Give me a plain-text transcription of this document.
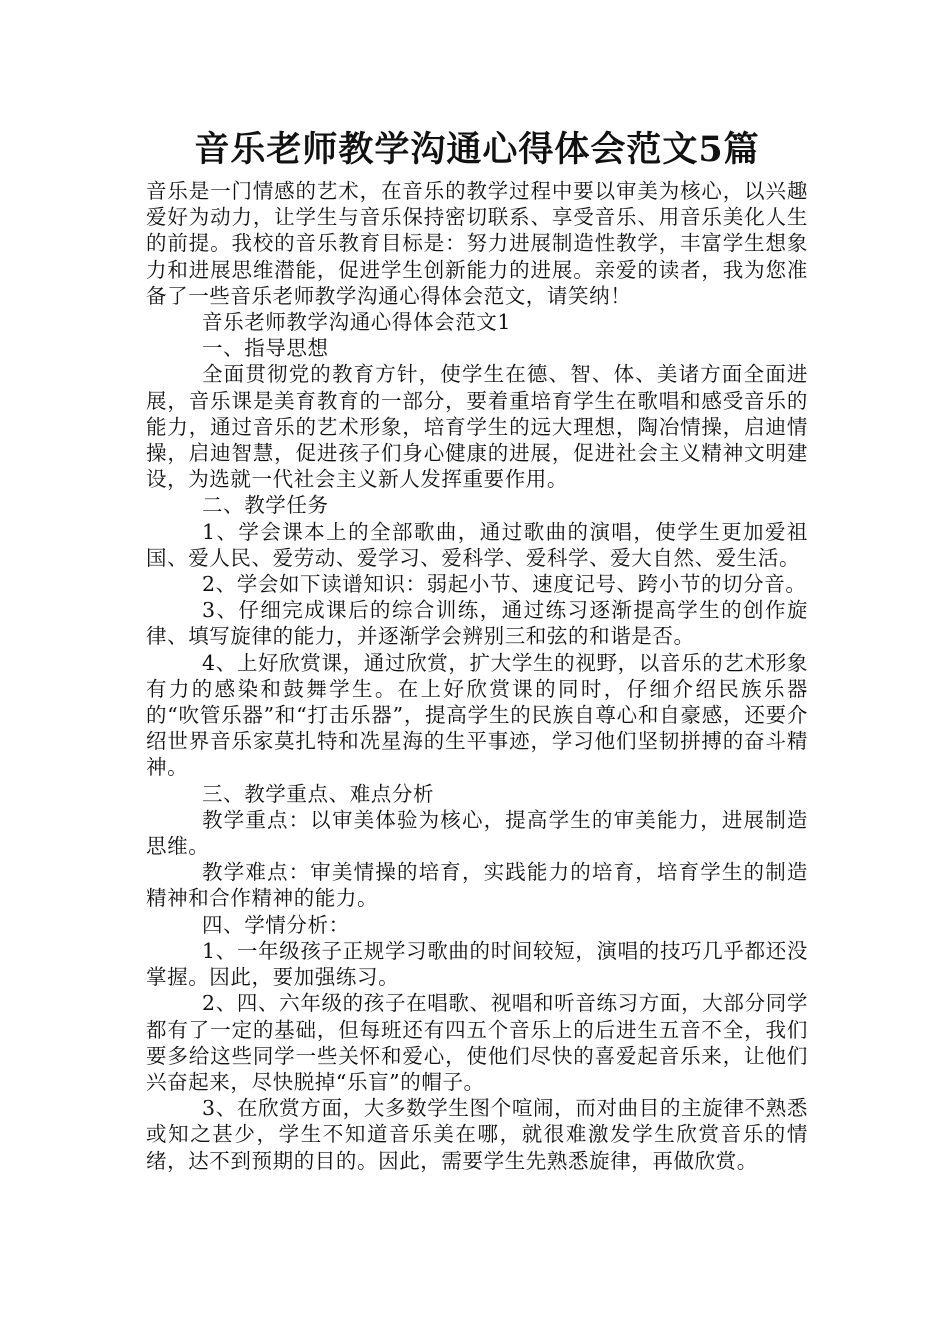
音乐老师教学沟通心得体会范文5篇

音乐是一门情感的艺术，在音乐的教学过程中要以审美为核心，以兴趣爱好为动力，让学生与音乐保持密切联系、享受音乐、用音乐美化人生的前提。我校的音乐教育目标是：努力进展制造性教学，丰富学生想象力和进展思维潜能，促进学生创新能力的进展。亲爱的读者，我为您准备了一些音乐老师教学沟通心得体会范文，请笑纳！

音乐老师教学沟通心得体会范文1

一、指导思想

全面贯彻党的教育方针，使学生在德、智、体、美诸方面全面进展，音乐课是美育教育的一部分，要着重培育学生在歌唱和感受音乐的能力，通过音乐的艺术形象，培育学生的远大理想，陶冶情操，启迪情操，启迪智慧，促进孩子们身心健康的进展，促进社会主义精神文明建设，为选就一代社会主义新人发挥重要作用。

二、教学任务

1、学会课本上的全部歌曲，通过歌曲的演唱，使学生更加爱祖国、爱人民、爱劳动、爱学习、爱科学、爱科学、爱大自然、爱生活。

2、学会如下读谱知识：弱起小节、速度记号、跨小节的切分音。

3、仔细完成课后的综合训练，通过练习逐渐提高学生的创作旋律、填写旋律的能力，并逐渐学会辨别三和弦的和谐是否。

4、上好欣赏课，通过欣赏，扩大学生的视野，以音乐的艺术形象有力的感染和鼓舞学生。在上好欣赏课的同时，仔细介绍民族乐器的“吹管乐器”和“打击乐器”，提高学生的民族自尊心和自豪感，还要介绍世界音乐家莫扎特和冼星海的生平事迹，学习他们坚韧拼搏的奋斗精神。

三、教学重点、难点分析

教学重点：以审美体验为核心，提高学生的审美能力，进展制造思维。

教学难点：审美情操的培育，实践能力的培育，培育学生的制造精神和合作精神的能力。

四、学情分析：

1、一年级孩子正规学习歌曲的时间较短，演唱的技巧几乎都还没掌握。因此，要加强练习。

2、四、六年级的孩子在唱歌、视唱和听音练习方面，大部分同学都有了一定的基础，但每班还有四五个音乐上的后进生五音不全，我们要多给这些同学一些关怀和爱心，使他们尽快的喜爱起音乐来，让他们兴奋起来，尽快脱掉“乐盲”的帽子。

3、在欣赏方面，大多数学生图个喧闹，而对曲目的主旋律不熟悉或知之甚少，学生不知道音乐美在哪，就很难激发学生欣赏音乐的情绪，达不到预期的目的。因此，需要学生先熟悉旋律，再做欣赏。
